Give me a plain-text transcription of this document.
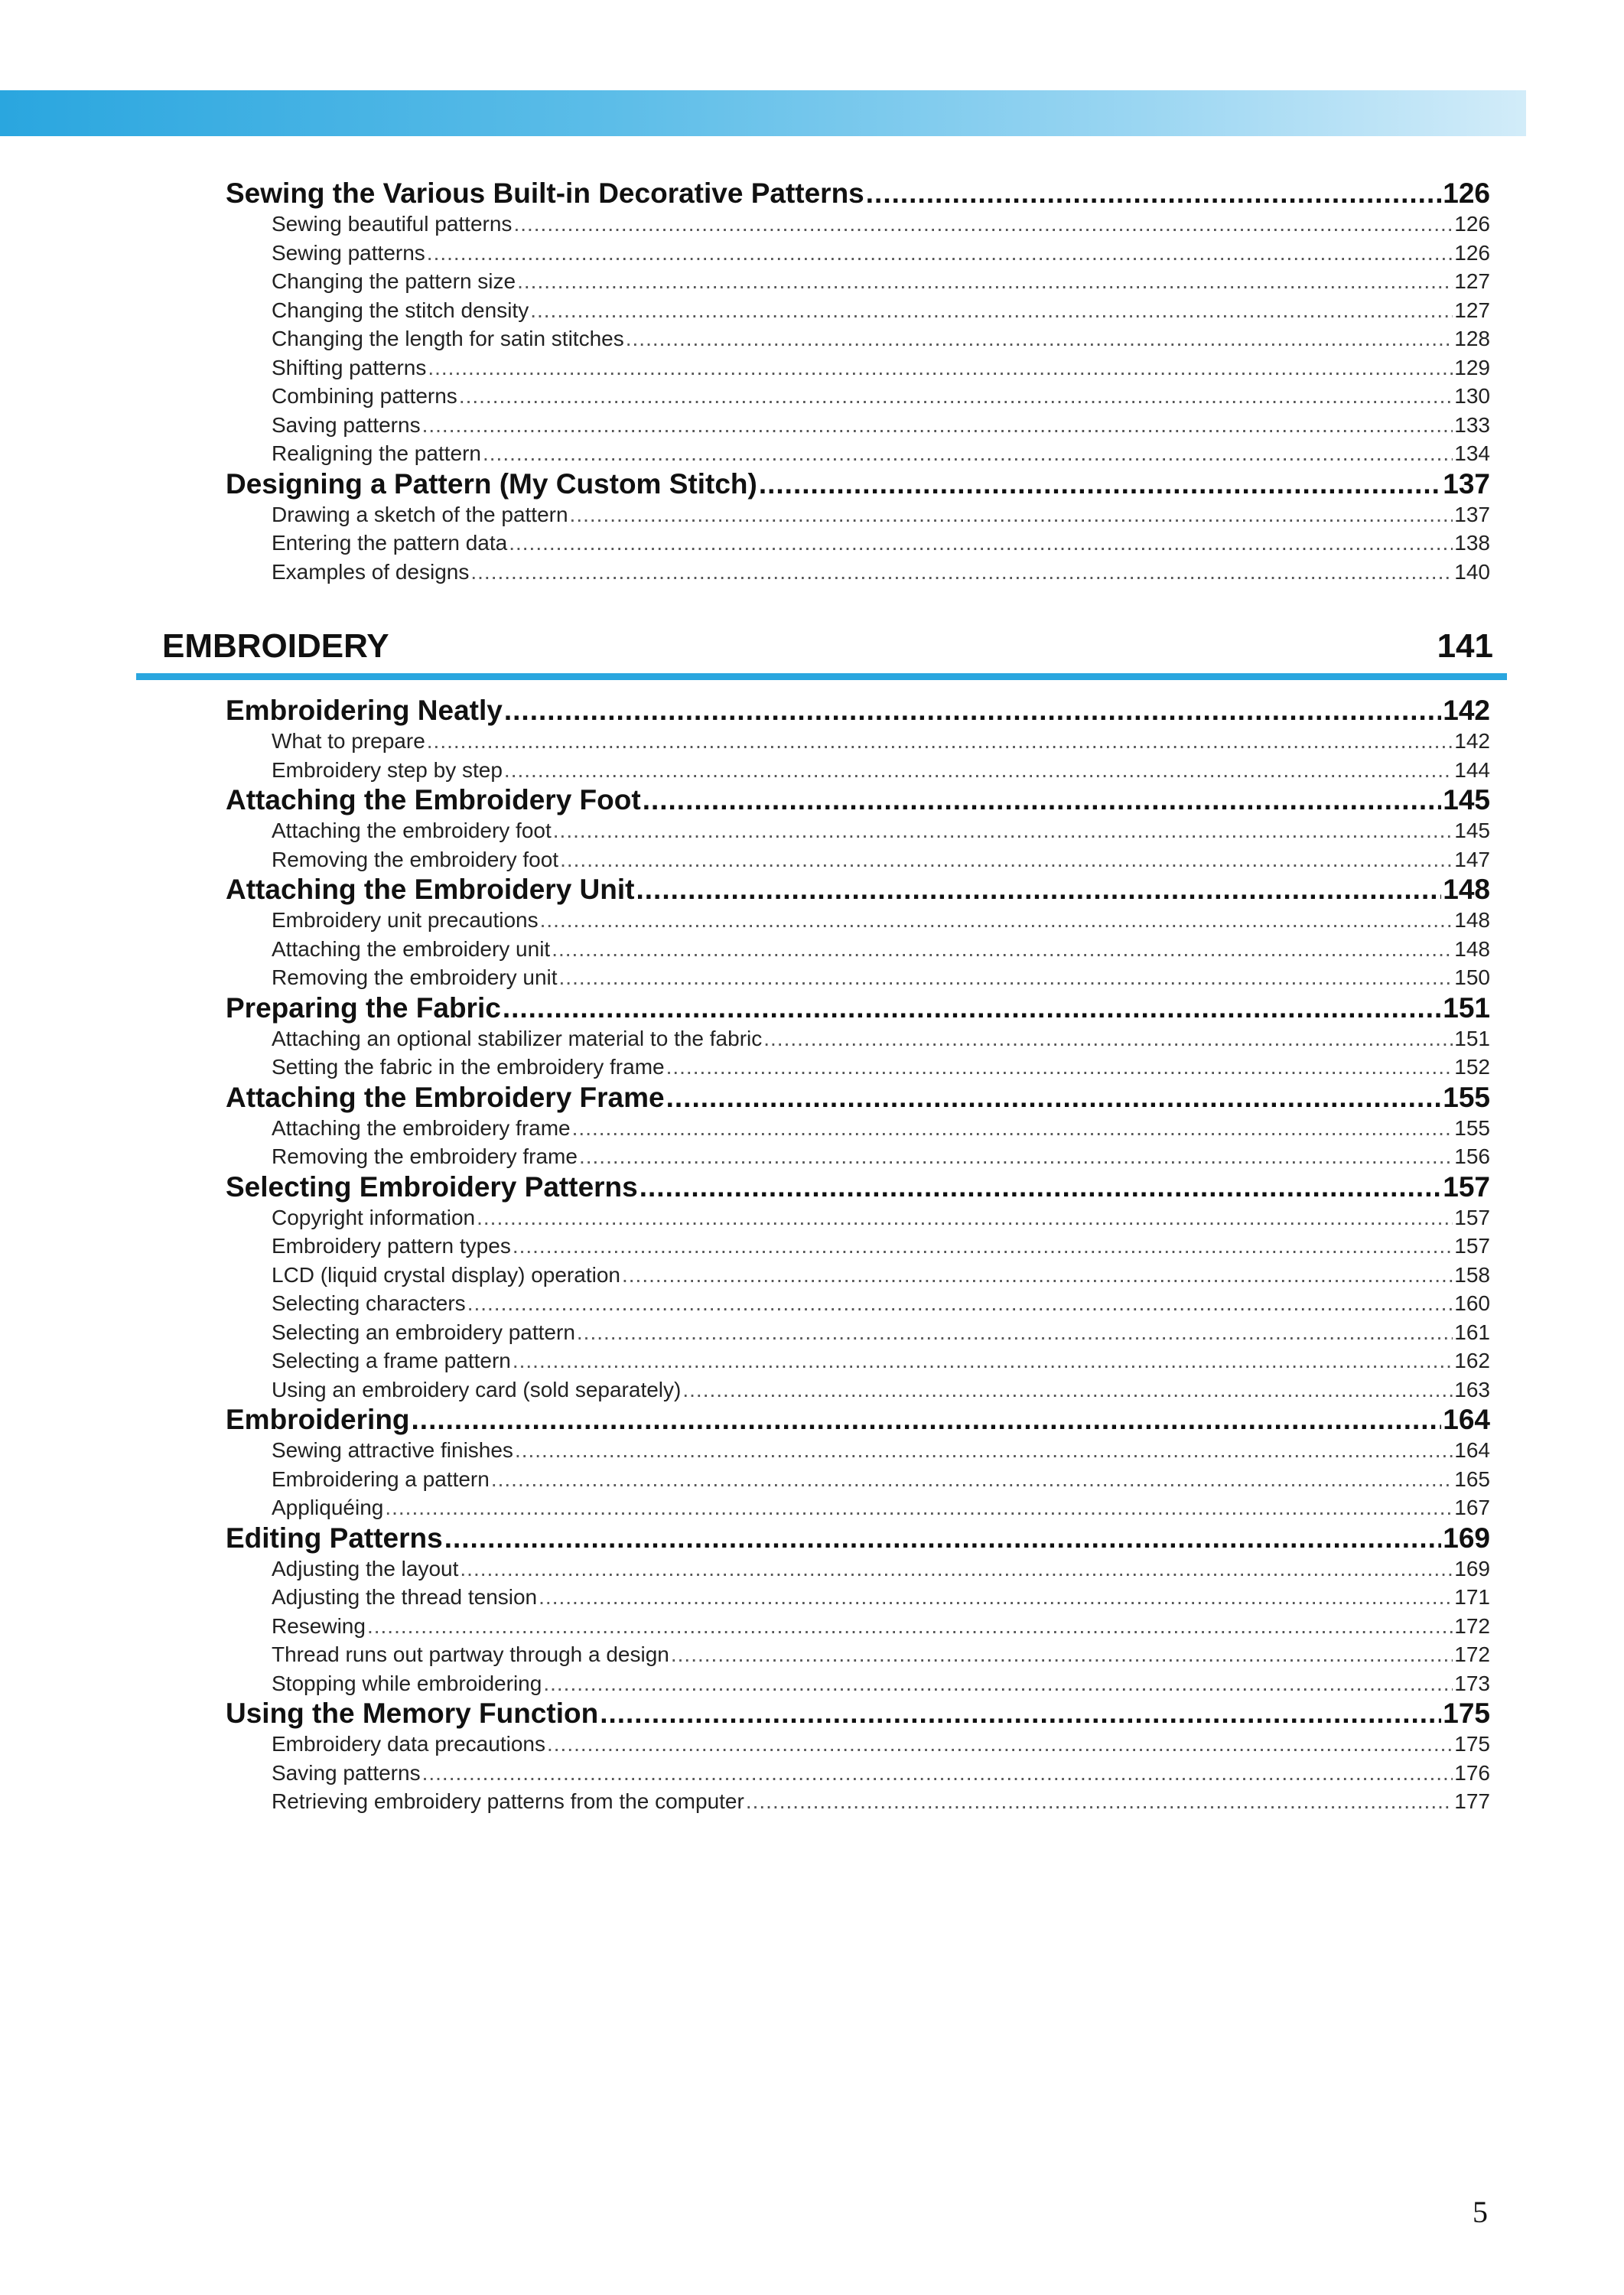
Sewing the Various Built-in Decorative Patterns .....	126
Sewing beautiful patterns .....	126
Sewing patterns .....	126
Changing the pattern size .....	127
Changing the stitch density .....	127
Changing the length for satin stitches .....	128
Shifting patterns .....	129
Combining patterns .....	130
Saving patterns .....	133
Realigning the pattern .....	134
Designing a Pattern (My Custom Stitch) .....	137
Drawing a sketch of the pattern .....	137
Entering the pattern data .....	138
Examples of designs .....	140
EMBROIDERY	141
Embroidering Neatly .....	142
What to prepare .....	142
Embroidery step by step .....	144
Attaching the Embroidery Foot .....	145
Attaching the embroidery foot .....	145
Removing the embroidery foot .....	147
Attaching the Embroidery Unit .....	148
Embroidery unit precautions .....	148
Attaching the embroidery unit .....	148
Removing the embroidery unit .....	150
Preparing the Fabric .....	151
Attaching an optional stabilizer material to the fabric .....	151
Setting the fabric in the embroidery frame .....	152
Attaching the Embroidery Frame .....	155
Attaching the embroidery frame .....	155
Removing the embroidery frame .....	156
Selecting Embroidery Patterns .....	157
Copyright information .....	157
Embroidery pattern types .....	157
LCD (liquid crystal display) operation .....	158
Selecting characters .....	160
Selecting an embroidery pattern .....	161
Selecting a frame pattern .....	162
Using an embroidery card (sold separately) .....	163
Embroidering .....	164
Sewing attractive finishes .....	164
Embroidering a pattern .....	165
Appliquéing .....	167
Editing Patterns .....	169
Adjusting the layout .....	169
Adjusting the thread tension .....	171
Resewing .....	172
Thread runs out partway through a design .....	172
Stopping while embroidering .....	173
Using the Memory Function .....	175
Embroidery data precautions .....	175
Saving patterns .....	176
Retrieving embroidery patterns from the computer .....	177
5
